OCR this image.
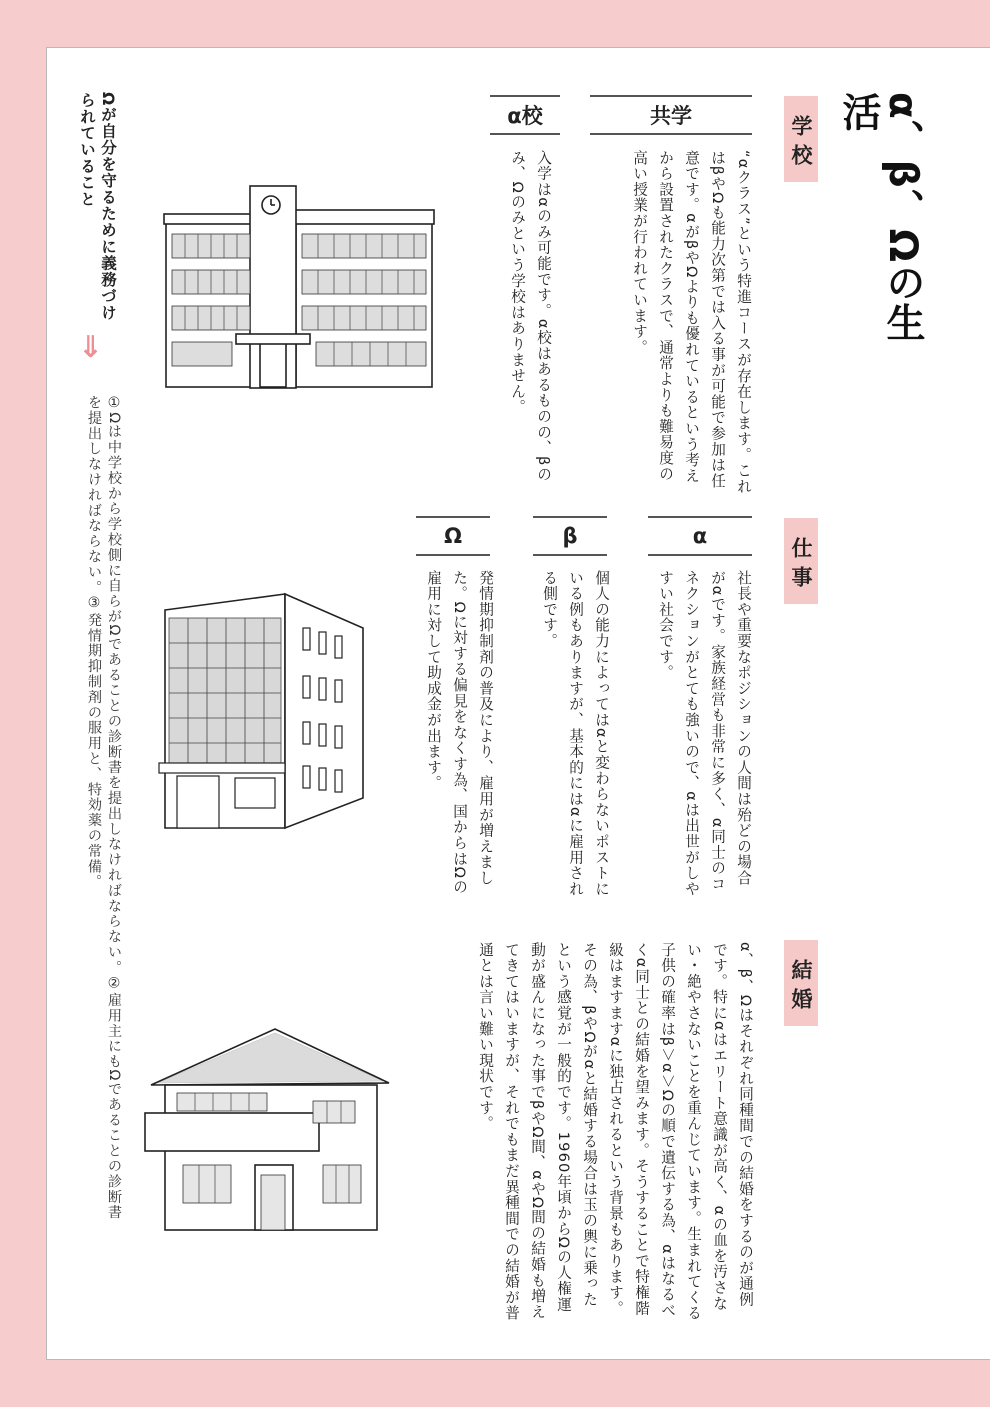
α、β、Ωの生活
学校
共学
“αクラス”という特進コースが存在します。これはβやΩも能力次第では入る事が可能で参加は任意です。αがβやΩよりも優れているという考えから設置されたクラスで、通常よりも難易度の高い授業が行われています。
α校
入学はαのみ可能です。α校はあるものの、βのみ、Ωのみという学校はありません。
仕事
α
社長や重要なポジションの人間は殆どの場合がαです。家族経営も非常に多く、α同士のコネクションがとても強いので、αは出世がしやすい社会です。
β
個人の能力によってはαと変わらないポストにいる例もありますが、基本的にはαに雇用される側です。
Ω
発情期抑制剤の普及により、雇用が増えました。Ωに対する偏見をなくす為、国からはΩの雇用に対して助成金が出ます。
結婚
α、β、Ωはそれぞれ同種間での結婚をするのが通例です。特にαはエリート意識が高く、αの血を汚さない・絶やさないことを重んじています。生まれてくる子供の確率はβ＞α＞Ωの順で遺伝する為、αはなるべくα同士との結婚を望みます。そうすることで特権階級はますますαに独占されるという背景もあります。その為、βやΩがαと結婚する場合は玉の輿に乗ったという感覚が一般的です。1960年頃からΩの人権運動が盛んになった事でβやΩ間、αやΩ間の結婚も増えてきてはいますが、それでもまだ異種間での結婚が普通とは言い難い現状です。
Ωが自分を守るために義務づけられていること
⇓
①Ωは中学校から学校側に自らがΩであることの診断書を提出しなければならない。②雇用主にもΩであることの診断書を提出しなければならない。③発情期抑制剤の服用と、特効薬の常備。
